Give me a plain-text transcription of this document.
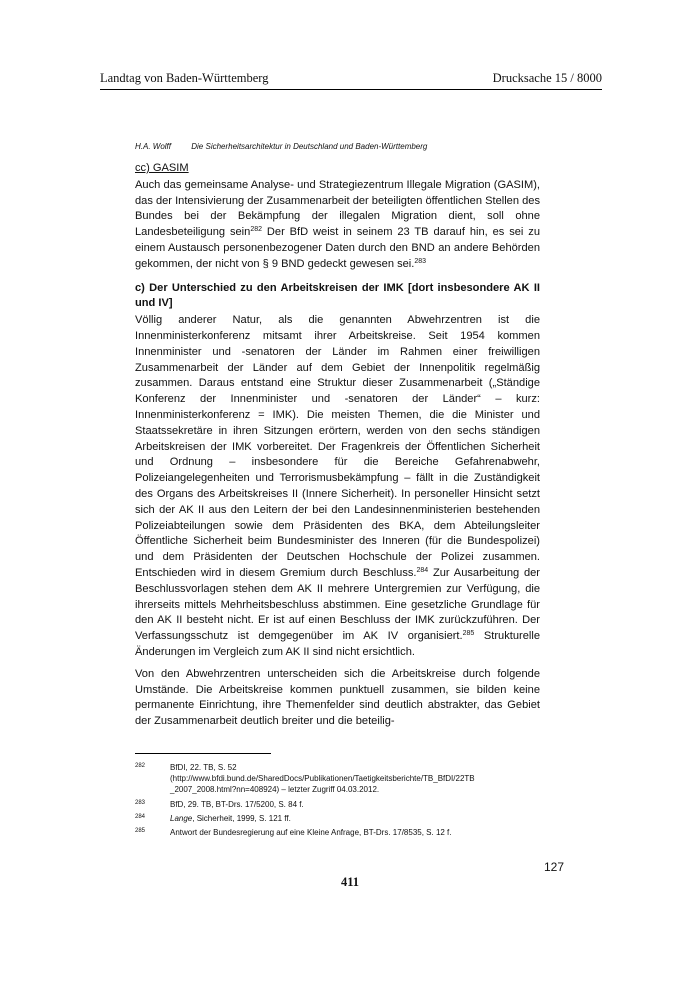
Landtag von Baden-Württemberg	Drucksache 15 / 8000
H.A. Wolff	Die Sicherheitsarchitektur in Deutschland und Baden-Württemberg

cc) GASIM

Auch das gemeinsame Analyse- und Strategiezentrum Illegale Migration (GASIM), das der Intensivierung der Zusammenarbeit der beteiligten öffentlichen Stellen des Bundes bei der Bekämpfung der illegalen Migration dient, soll ohne Landesbeteiligung sein$^{282}$ Der BfD weist in seinem 23 TB darauf hin, es sei zu einem Austausch personenbezogener Daten durch den BND an andere Behörden gekommen, der nicht von § 9 BND gedeckt gewesen sei.$^{283}$

c) Der Unterschied zu den Arbeitskreisen der IMK [dort insbesondere AK II und IV]

Völlig anderer Natur, als die genannten Abwehrzentren ist die Innenministerkonferenz mitsamt ihrer Arbeitskreise. Seit 1954 kommen Innenminister und -senatoren der Länder im Rahmen einer freiwilligen Zusammenarbeit der Länder auf dem Gebiet der Innenpolitik regelmäßig zusammen. Daraus entstand eine Struktur dieser Zusammenarbeit („Ständige Konferenz der Innenminister und -senatoren der Länder“ – kurz: Innenministerkonferenz = IMK). Die meisten Themen, die die Minister und Staatssekretäre in ihren Sitzungen erörtern, werden von den sechs ständigen Arbeitskreisen der IMK vorbereitet. Der Fragenkreis der Öffentlichen Sicherheit und Ordnung – insbesondere für die Bereiche Gefahrenabwehr, Polizeiangelegenheiten und Terrorismusbekämpfung – fällt in die Zuständigkeit des Organs des Arbeitskreises II (Innere Sicherheit). In personeller Hinsicht setzt sich der AK II aus den Leitern der bei den Landesinnenministerien bestehenden Polizeiabteilungen sowie dem Präsidenten des BKA, dem Abteilungsleiter Öffentliche Sicherheit beim Bundesminister des Inneren (für die Bundespolizei) und dem Präsidenten der Deutschen Hochschule der Polizei zusammen. Entschieden wird in diesem Gremium durch Beschluss.$^{284}$ Zur Ausarbeitung der Beschlussvorlagen stehen dem AK II mehrere Untergremien zur Verfügung, die ihrerseits mittels Mehrheitsbeschluss abstimmen. Eine gesetzliche Grundlage für den AK II besteht nicht. Er ist auf einen Beschluss der IMK zurückzuführen. Der Verfassungsschutz ist demgegenüber im AK IV organisiert.$^{285}$ Strukturelle Änderungen im Vergleich zum AK II sind nicht ersichtlich.

Von den Abwehrzentren unterscheiden sich die Arbeitskreise durch folgende Umstände. Die Arbeitskreise kommen punktuell zusammen, sie bilden keine permanente Einrichtung, ihre Themenfelder sind deutlich abstrakter, das Gebiet der Zusammenarbeit deutlich breiter und die beteilig-

282	BfDI, 22. TB, S. 52
(http://www.bfdi.bund.de/SharedDocs/Publikationen/Taetigkeitsberichte/TB_BfDI/22TB
_2007_2008.html?nn=408924) – letzter Zugriff 04.03.2012.
283	BfD, 29. TB, BT-Drs. 17/5200, S. 84 f.
284	Lange, Sicherheit, 1999, S. 121 ff.
285	Antwort der Bundesregierung auf eine Kleine Anfrage, BT-Drs. 17/8535, S. 12 f.
127
411
